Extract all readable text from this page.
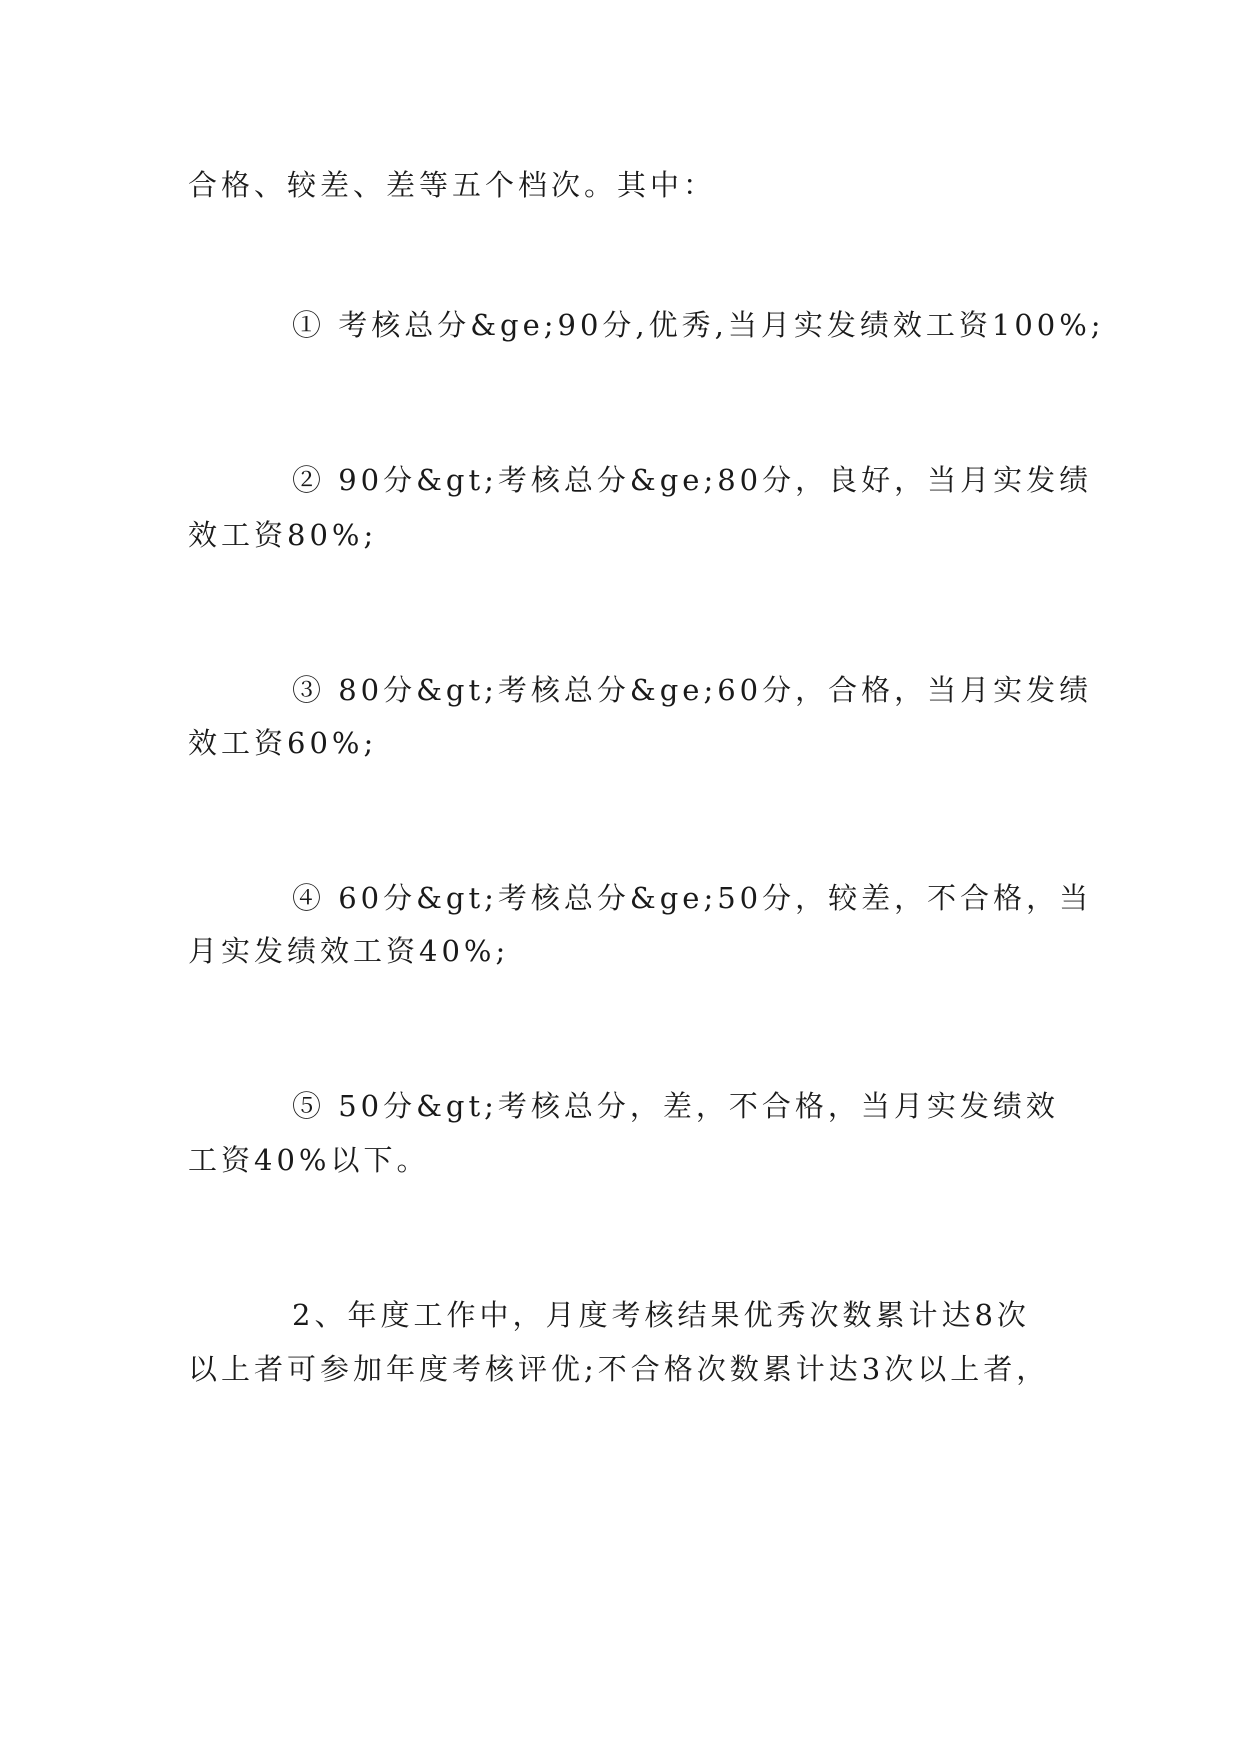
合格、较差、差等五个档次。其中：
① 考核总分&ge;90分,优秀,当月实发绩效工资100%;
② 90分&gt;考核总分&ge;80分，良好，当月实发绩
效工资80%;
③ 80分&gt;考核总分&ge;60分，合格，当月实发绩
效工资60%;
④ 60分&gt;考核总分&ge;50分，较差，不合格，当
月实发绩效工资40%;
⑤ 50分&gt;考核总分，差，不合格，当月实发绩效
工资40%以下。
2、年度工作中，月度考核结果优秀次数累计达8次
以上者可参加年度考核评优;不合格次数累计达3次以上者，
